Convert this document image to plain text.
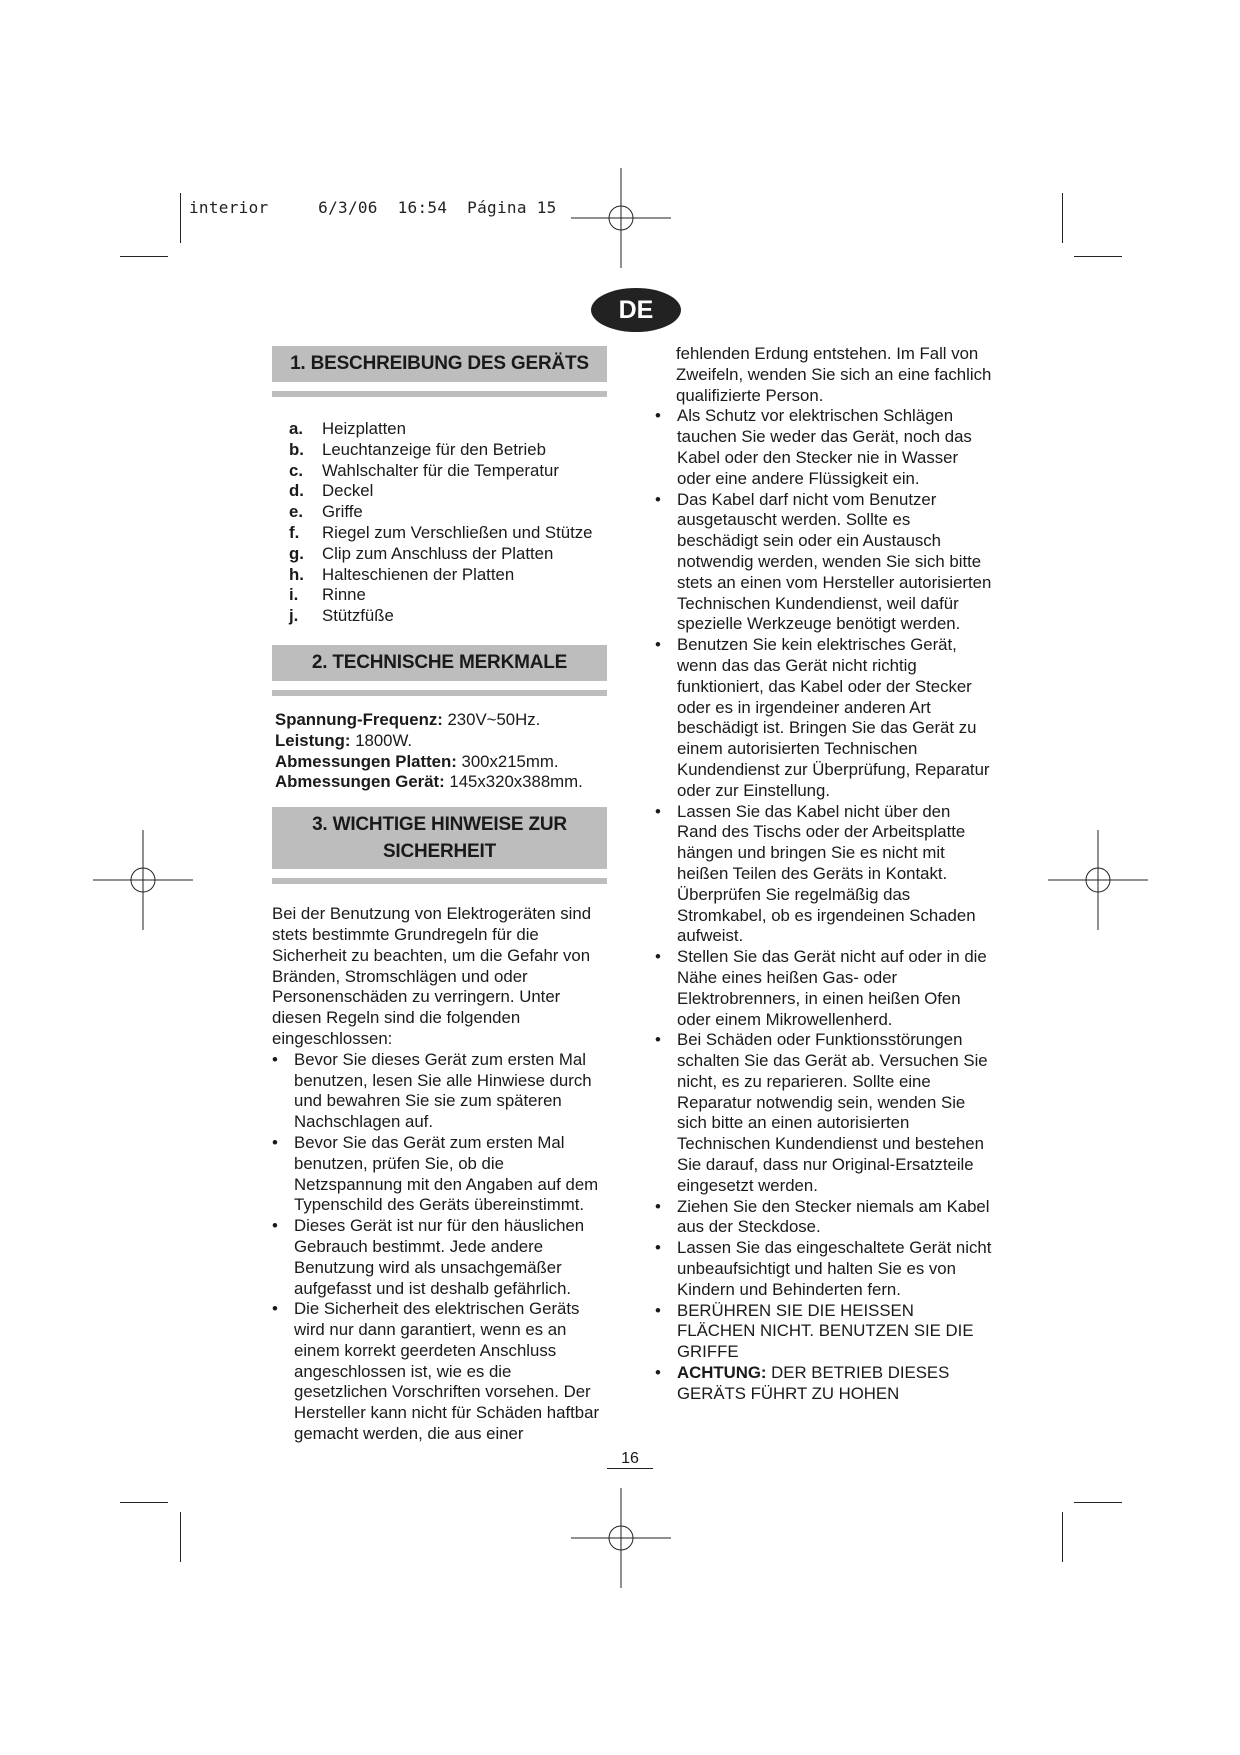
interior	6/3/06 16:54 Página 15
DE
1. BESCHREIBUNG DES GERÄTS
a.	Heizplatten
b.	Leuchtanzeige für den Betrieb
c.	Wahlschalter für die Temperatur
d.	Deckel
e.	Griffe
f.	Riegel zum Verschließen und Stütze
g.	Clip zum Anschluss der Platten
h.	Halteschienen der Platten
i.	Rinne
j.	Stützfüße
2. TECHNISCHE MERKMALE
Spannung-Frequenz: 230V~50Hz.
Leistung: 1800W.
Abmessungen Platten: 300x215mm.
Abmessungen Gerät: 145x320x388mm.
3. WICHTIGE HINWEISE ZUR
SICHERHEIT
Bei der Benutzung von Elektrogeräten sind stets bestimmte Grundregeln für die Sicherheit zu beachten, um die Gefahr von Bränden, Stromschlägen und oder Personenschäden zu verringern. Unter diesen Regeln sind die folgenden eingeschlossen:
• Bevor Sie dieses Gerät zum ersten Mal benutzen, lesen Sie alle Hinwiese durch und bewahren Sie sie zum späteren Nachschlagen auf.
• Bevor Sie das Gerät zum ersten Mal benutzen, prüfen Sie, ob die Netzspannung mit den Angaben auf dem Typenschild des Geräts übereinstimmt.
• Dieses Gerät ist nur für den häuslichen Gebrauch bestimmt. Jede andere Benutzung wird als unsachgemäßer aufgefasst und ist deshalb gefährlich.
• Die Sicherheit des elektrischen Geräts wird nur dann garantiert, wenn es an einem korrekt geerdeten Anschluss angeschlossen ist, wie es die gesetzlichen Vorschriften vorsehen. Der Hersteller kann nicht für Schäden haftbar gemacht werden, die aus einer
fehlenden Erdung entstehen. Im Fall von Zweifeln, wenden Sie sich an eine fachlich qualifizierte Person.
• Als Schutz vor elektrischen Schlägen tauchen Sie weder das Gerät, noch das Kabel oder den Stecker nie in Wasser oder eine andere Flüssigkeit ein.
• Das Kabel darf nicht vom Benutzer ausgetauscht werden. Sollte es beschädigt sein oder ein Austausch notwendig werden, wenden Sie sich bitte stets an einen vom Hersteller autorisierten Technischen Kundendienst, weil dafür spezielle Werkzeuge benötigt werden.
• Benutzen Sie kein elektrisches Gerät, wenn das das Gerät nicht richtig funktioniert, das Kabel oder der Stecker oder es in irgendeiner anderen Art beschädigt ist. Bringen Sie das Gerät zu einem autorisierten Technischen Kundendienst zur Überprüfung, Reparatur oder zur Einstellung.
• Lassen Sie das Kabel nicht über den Rand des Tischs oder der Arbeitsplatte hängen und bringen Sie es nicht mit heißen Teilen des Geräts in Kontakt. Überprüfen Sie regelmäßig das Stromkabel, ob es irgendeinen Schaden aufweist.
• Stellen Sie das Gerät nicht auf oder in die Nähe eines heißen Gas- oder Elektrobrenners, in einen heißen Ofen oder einem Mikrowellenherd.
• Bei Schäden oder Funktionsstörungen schalten Sie das Gerät ab. Versuchen Sie nicht, es zu reparieren. Sollte eine Reparatur notwendig sein, wenden Sie sich bitte an einen autorisierten Technischen Kundendienst und bestehen Sie darauf, dass nur Original-Ersatzteile eingesetzt werden.
• Ziehen Sie den Stecker niemals am Kabel aus der Steckdose.
• Lassen Sie das eingeschaltete Gerät nicht unbeaufsichtigt und halten Sie es von Kindern und Behinderten fern.
• BERÜHREN SIE DIE HEISSEN FLÄCHEN NICHT. BENUTZEN SIE DIE GRIFFE
• ACHTUNG: DER BETRIEB DIESES GERÄTS FÜHRT ZU HOHEN
16
